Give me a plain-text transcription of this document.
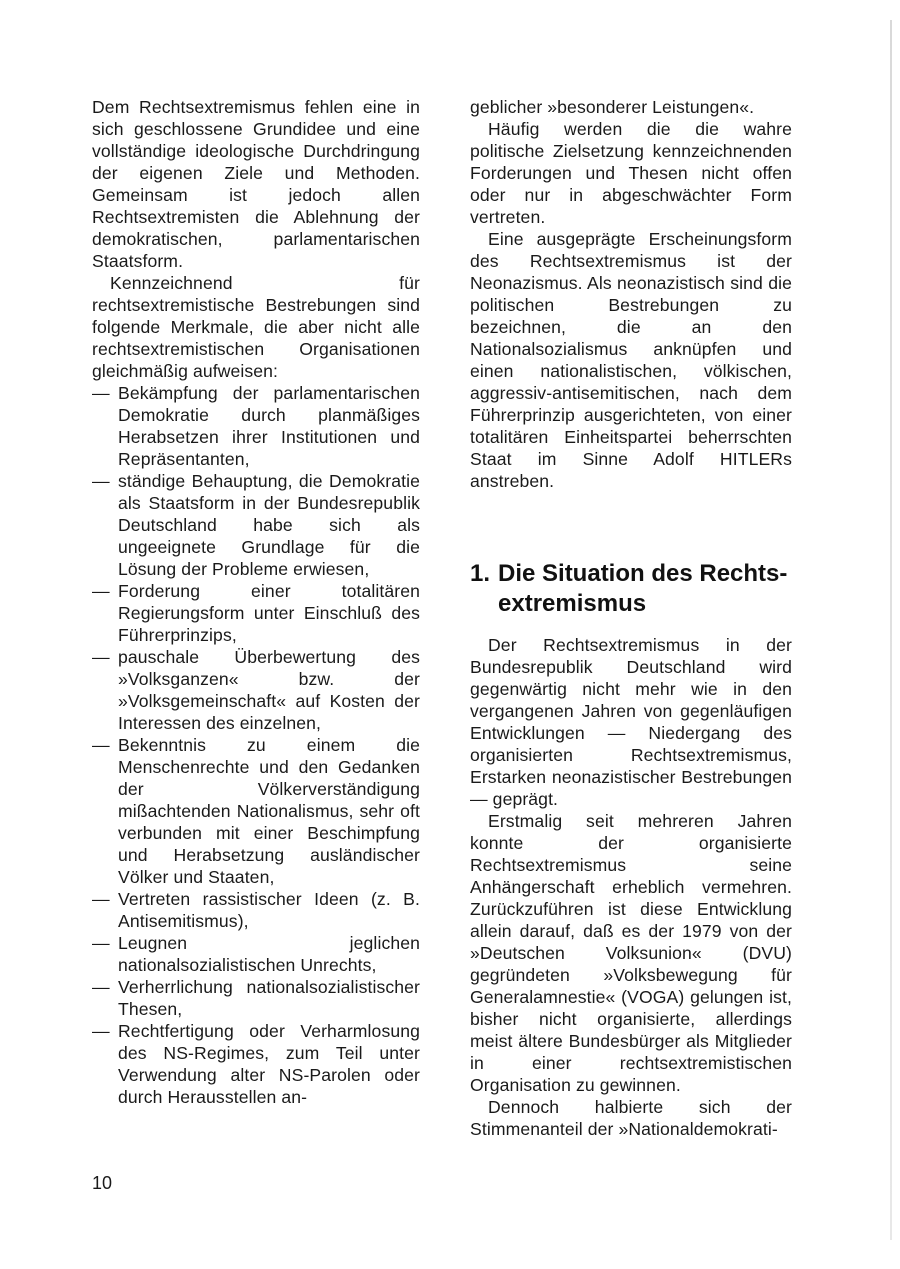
Dem Rechtsextremismus fehlen eine in sich geschlossene Grundidee und eine vollständige ideologische Durchdringung der eigenen Ziele und Methoden. Gemeinsam ist jedoch allen Rechtsextremisten die Ablehnung der demokratischen, parlamentarischen Staatsform.

Kennzeichnend für rechtsextremistische Bestrebungen sind folgende Merkmale, die aber nicht alle rechtsextremistischen Organisationen gleichmäßig aufweisen:

— Bekämpfung der parlamentarischen Demokratie durch planmäßiges Herabsetzen ihrer Institutionen und Repräsentanten,
— ständige Behauptung, die Demokratie als Staatsform in der Bundesrepublik Deutschland habe sich als ungeeignete Grundlage für die Lösung der Probleme erwiesen,
— Forderung einer totalitären Regierungsform unter Einschluß des Führerprinzips,
— pauschale Überbewertung des »Volksganzen« bzw. der »Volksgemeinschaft« auf Kosten der Interessen des einzelnen,
— Bekenntnis zu einem die Menschenrechte und den Gedanken der Völkerverständigung mißachtenden Nationalismus, sehr oft verbunden mit einer Beschimpfung und Herabsetzung ausländischer Völker und Staaten,
— Vertreten rassistischer Ideen (z. B. Antisemitismus),
— Leugnen jeglichen nationalsozialistischen Unrechts,
— Verherrlichung nationalsozialistischer Thesen,
— Rechtfertigung oder Verharmlosung des NS-Regimes, zum Teil unter Verwendung alter NS-Parolen oder durch Herausstellen an-

geblicher »besonderer Leistungen«.

Häufig werden die die wahre politische Zielsetzung kennzeichnenden Forderungen und Thesen nicht offen oder nur in abgeschwächter Form vertreten.

Eine ausgeprägte Erscheinungsform des Rechtsextremismus ist der Neonazismus. Als neonazistisch sind die politischen Bestrebungen zu bezeichnen, die an den Nationalsozialismus anknüpfen und einen nationalistischen, völkischen, aggressiv-antisemitischen, nach dem Führerprinzip ausgerichteten, von einer totalitären Einheitspartei beherrschten Staat im Sinne Adolf HITLERs anstreben.

1. Die Situation des Rechts-
extremismus

Der Rechtsextremismus in der Bundesrepublik Deutschland wird gegenwärtig nicht mehr wie in den vergangenen Jahren von gegenläufigen Entwicklungen — Niedergang des organisierten Rechtsextremismus, Erstarken neonazistischer Bestrebungen — geprägt.

Erstmalig seit mehreren Jahren konnte der organisierte Rechtsextremismus seine Anhängerschaft erheblich vermehren. Zurückzuführen ist diese Entwicklung allein darauf, daß es der 1979 von der »Deutschen Volksunion« (DVU) gegründeten »Volksbewegung für Generalamnestie« (VOGA) gelungen ist, bisher nicht organisierte, allerdings meist ältere Bundesbürger als Mitglieder in einer rechtsextremistischen Organisation zu gewinnen.

Dennoch halbierte sich der Stimmenanteil der »Nationaldemokrati-

10
